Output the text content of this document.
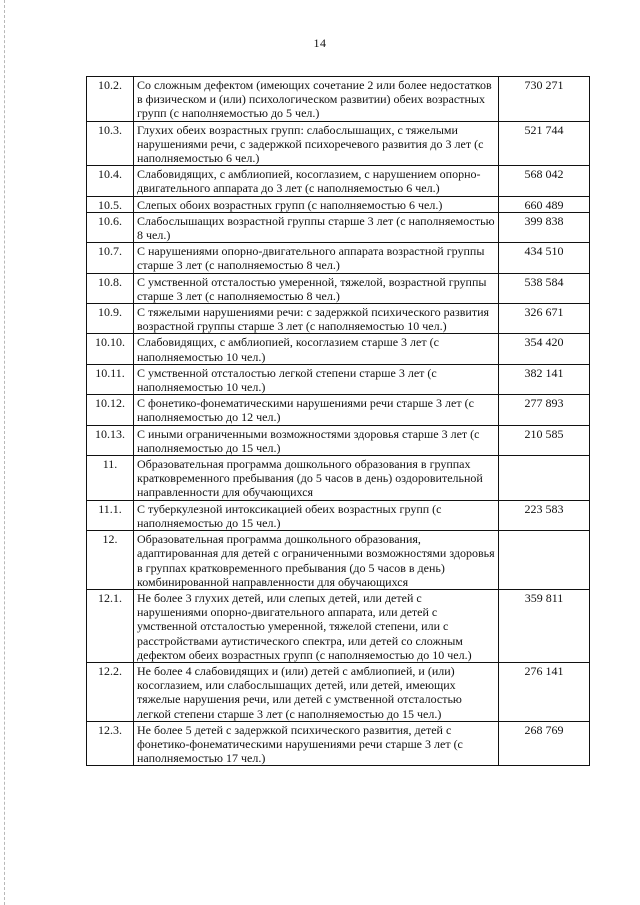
14
10.2.	Со сложным дефектом (имеющих сочетание 2 или более недостатков в физическом и (или) психологическом развитии) обеих возрастных групп (с наполняемостью до 5 чел.)	730 271
10.3.	Глухих обеих возрастных групп: слабослышащих, с тяжелыми нарушениями речи, с задержкой психоречевого развития до 3 лет (с наполняемостью 6 чел.)	521 744
10.4.	Слабовидящих, с амблиопией, косоглазием, с нарушением опорно-двигательного аппарата до 3 лет (с наполняемостью 6 чел.)	568 042
10.5.	Слепых обоих возрастных групп (с наполняемостью 6 чел.)	660 489
10.6.	Слабослышащих возрастной группы старше 3 лет (с наполняемостью 8 чел.)	399 838
10.7.	С нарушениями опорно-двигательного аппарата возрастной группы старше 3 лет (с наполняемостью 8 чел.)	434 510
10.8.	С умственной отсталостью умеренной, тяжелой, возрастной группы старше 3 лет (с наполняемостью 8 чел.)	538 584
10.9.	С тяжелыми нарушениями речи: с задержкой психического развития возрастной группы старше 3 лет (с наполняемостью 10 чел.)	326 671
10.10.	Слабовидящих, с амблиопией, косоглазием старше 3 лет (с наполняемостью 10 чел.)	354 420
10.11.	С умственной отсталостью легкой степени старше 3 лет (с наполняемостью 10 чел.)	382 141
10.12.	С фонетико-фонематическими нарушениями речи старше 3 лет (с наполняемостью до 12 чел.)	277 893
10.13.	С иными ограниченными возможностями здоровья старше 3 лет (с наполняемостью до 15 чел.)	210 585
11.	Образовательная программа дошкольного образования в группах кратковременного пребывания (до 5 часов в день) оздоровительной направленности для обучающихся	
11.1.	С туберкулезной интоксикацией обеих возрастных групп (с наполняемостью до 15 чел.)	223 583
12.	Образовательная программа дошкольного образования, адаптированная для детей с ограниченными возможностями здоровья в группах кратковременного пребывания (до 5 часов в день) комбинированной направленности для обучающихся	
12.1.	Не более 3 глухих детей, или слепых детей, или детей с нарушениями опорно-двигательного аппарата, или детей с умственной отсталостью умеренной, тяжелой степени, или с расстройствами аутистического спектра, или детей со сложным дефектом обеих возрастных групп (с наполняемостью до 10 чел.)	359 811
12.2.	Не более 4 слабовидящих и (или) детей с амблиопией, и (или) косоглазием, или слабослышащих детей, или детей, имеющих тяжелые нарушения речи, или детей с умственной отсталостью легкой степени старше 3 лет (с наполняемостью до 15 чел.)	276 141
12.3.	Не более 5 детей с задержкой психического развития, детей с фонетико-фонематическими нарушениями речи старше 3 лет (с наполняемостью 17 чел.)	268 769
